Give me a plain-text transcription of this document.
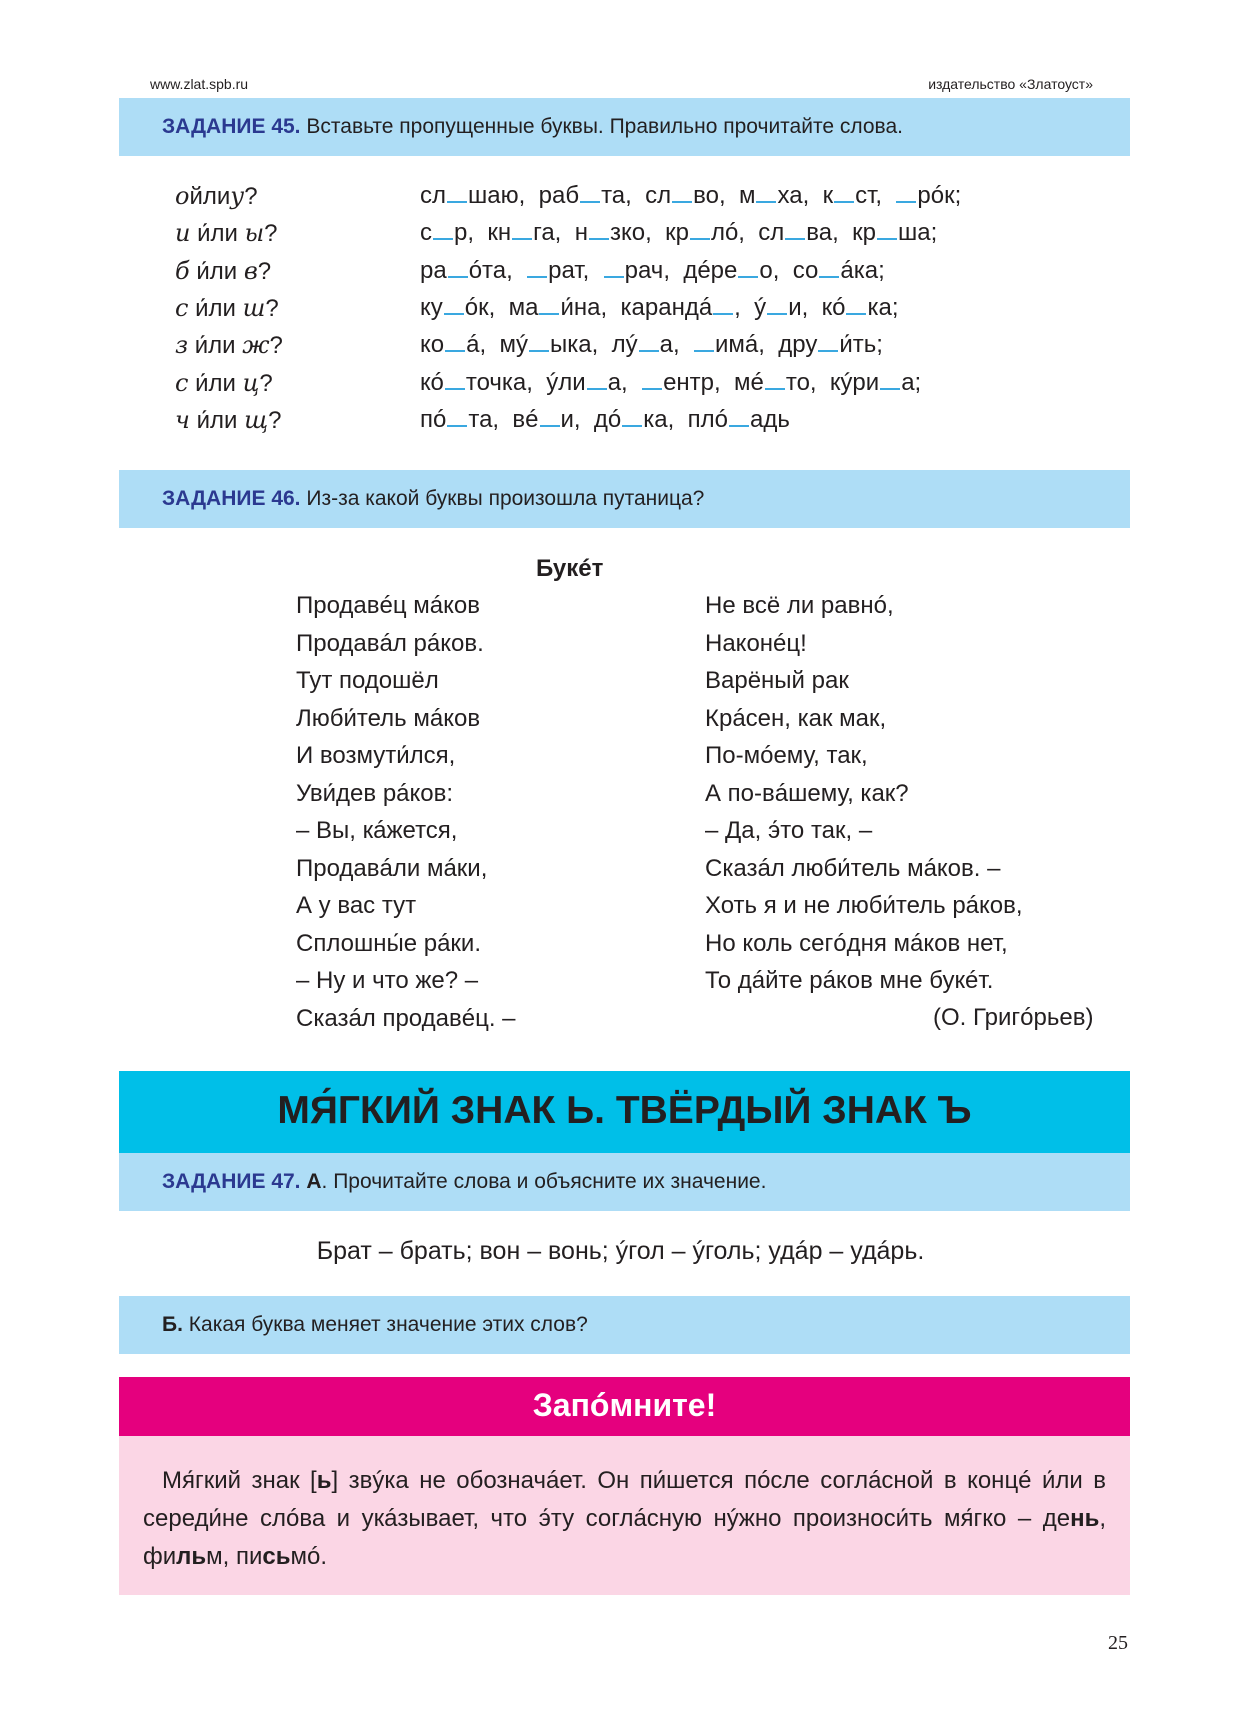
www.zlat.spb.ru	издательство «Златоуст»
ЗАДАНИЕ 45. Вставьте пропущенные буквы. Правильно прочитайте слова.
ойлиу?	сл шаю,  раб та,  сл во,  м ха,  к ст,  рóк;
и и́ли ы?	с р,  кн га,  н зко,  кр лó,  сл ва,  кр ша;
б и́ли в?	ра óта,  рат,  рач,  дéре о,  со áка;
с и́ли ш?	ку óк,  ма и́на,  карандá ,  ý и,  кó ка;
з и́ли ж?	ко á,  мý ыка,  лý а,  имá,  дру и́ть;
с и́ли ц?	кó точка,  ýли а,  ентр,  мé то,  кýри а;
ч и́ли щ?	пó та,  вé и,  дó ка,  плó адь
ЗАДАНИЕ 46. Из-за какой буквы произошла путаница?
Букéт
Продавéц мáков
Продавáл рáков.
Тут подошёл
Люби́тель мáков
И возмути́лся,
Уви́дев рáков:
– Вы, кáжется,
Продавáли мáки,
А у вас тут
Сплошны́е рáки.
– Ну и что же? –
Сказáл продавéц. –
Не всё ли равнó,
Наконéц!
Варёный рак
Крáсен, как мак,
По-мóему, так,
А по-вáшему, как?
– Да, э́то так, –
Сказáл люби́тель мáков. –
Хоть я и не люби́тель рáков,
Но коль сегóдня мáков нет,
То дáйте рáков мне букéт.
(О. Григóрьев)
МЯ́ГКИЙ ЗНАК Ь. ТВЁРДЫЙ ЗНАК Ъ
ЗАДАНИЕ 47. А. Прочитайте слова и объясните их значение.
Брат – брать; вон – вонь; ýгол – ýголь; удáр – удáрь.
Б. Какая буква меняет значение этих слов?
Запóмните!
Мя́гкий знак [ь] звýка не обозначáет. Он пи́шется пóсле соглáсной в концé и́ли в середи́не слóва и укáзывает, что э́ту соглáсную нýжно произноси́ть мя́гко – день, фильм, письмó.
25
